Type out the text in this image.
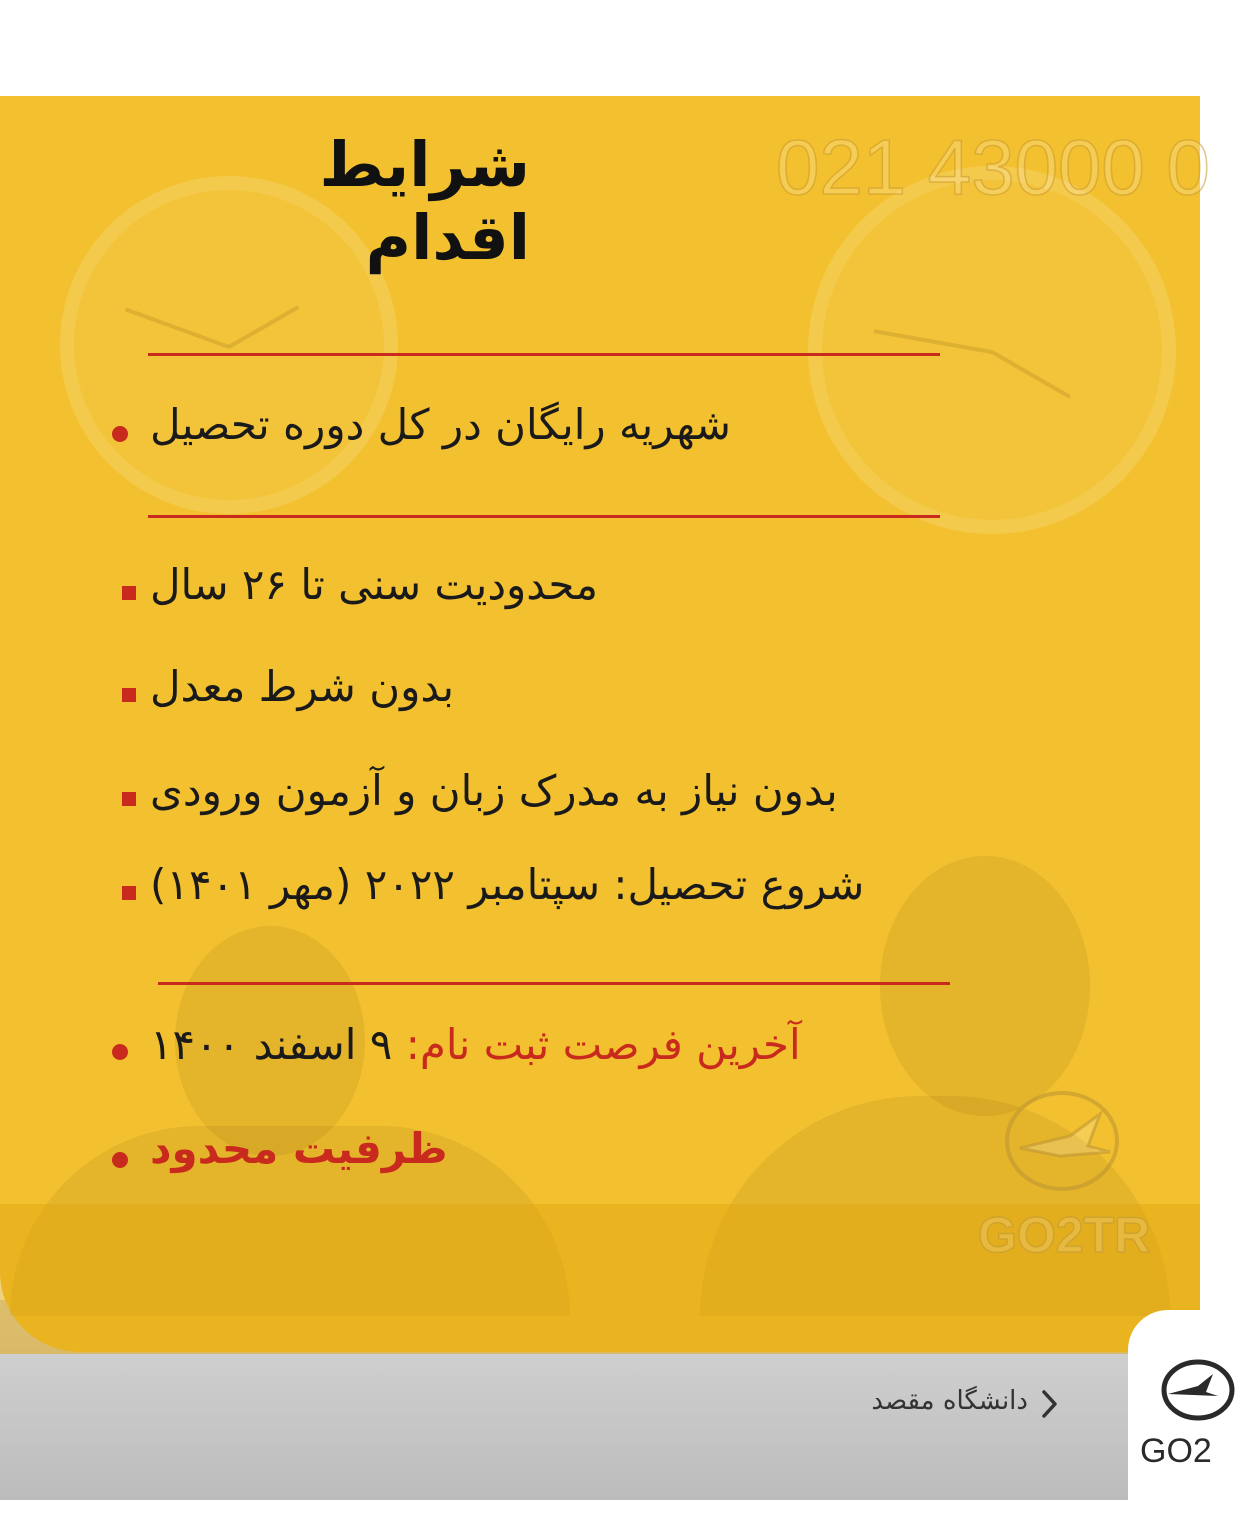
021 43000 0
GO2TR
شرایط اقدام
شهریه رایگان در کل دوره تحصیل
محدودیت سنی تا ۲۶ سال
بدون شرط معدل
بدون نیاز به مدرک زبان و آزمون ورودی
شروع تحصیل: سپتامبر ۲۰۲۲ (مهر ۱۴۰۱)
آخرین فرصت ثبت نام: ۹ اسفند ۱۴۰۰
ظرفیت محدود
دانشگاه مقصد
GO2
